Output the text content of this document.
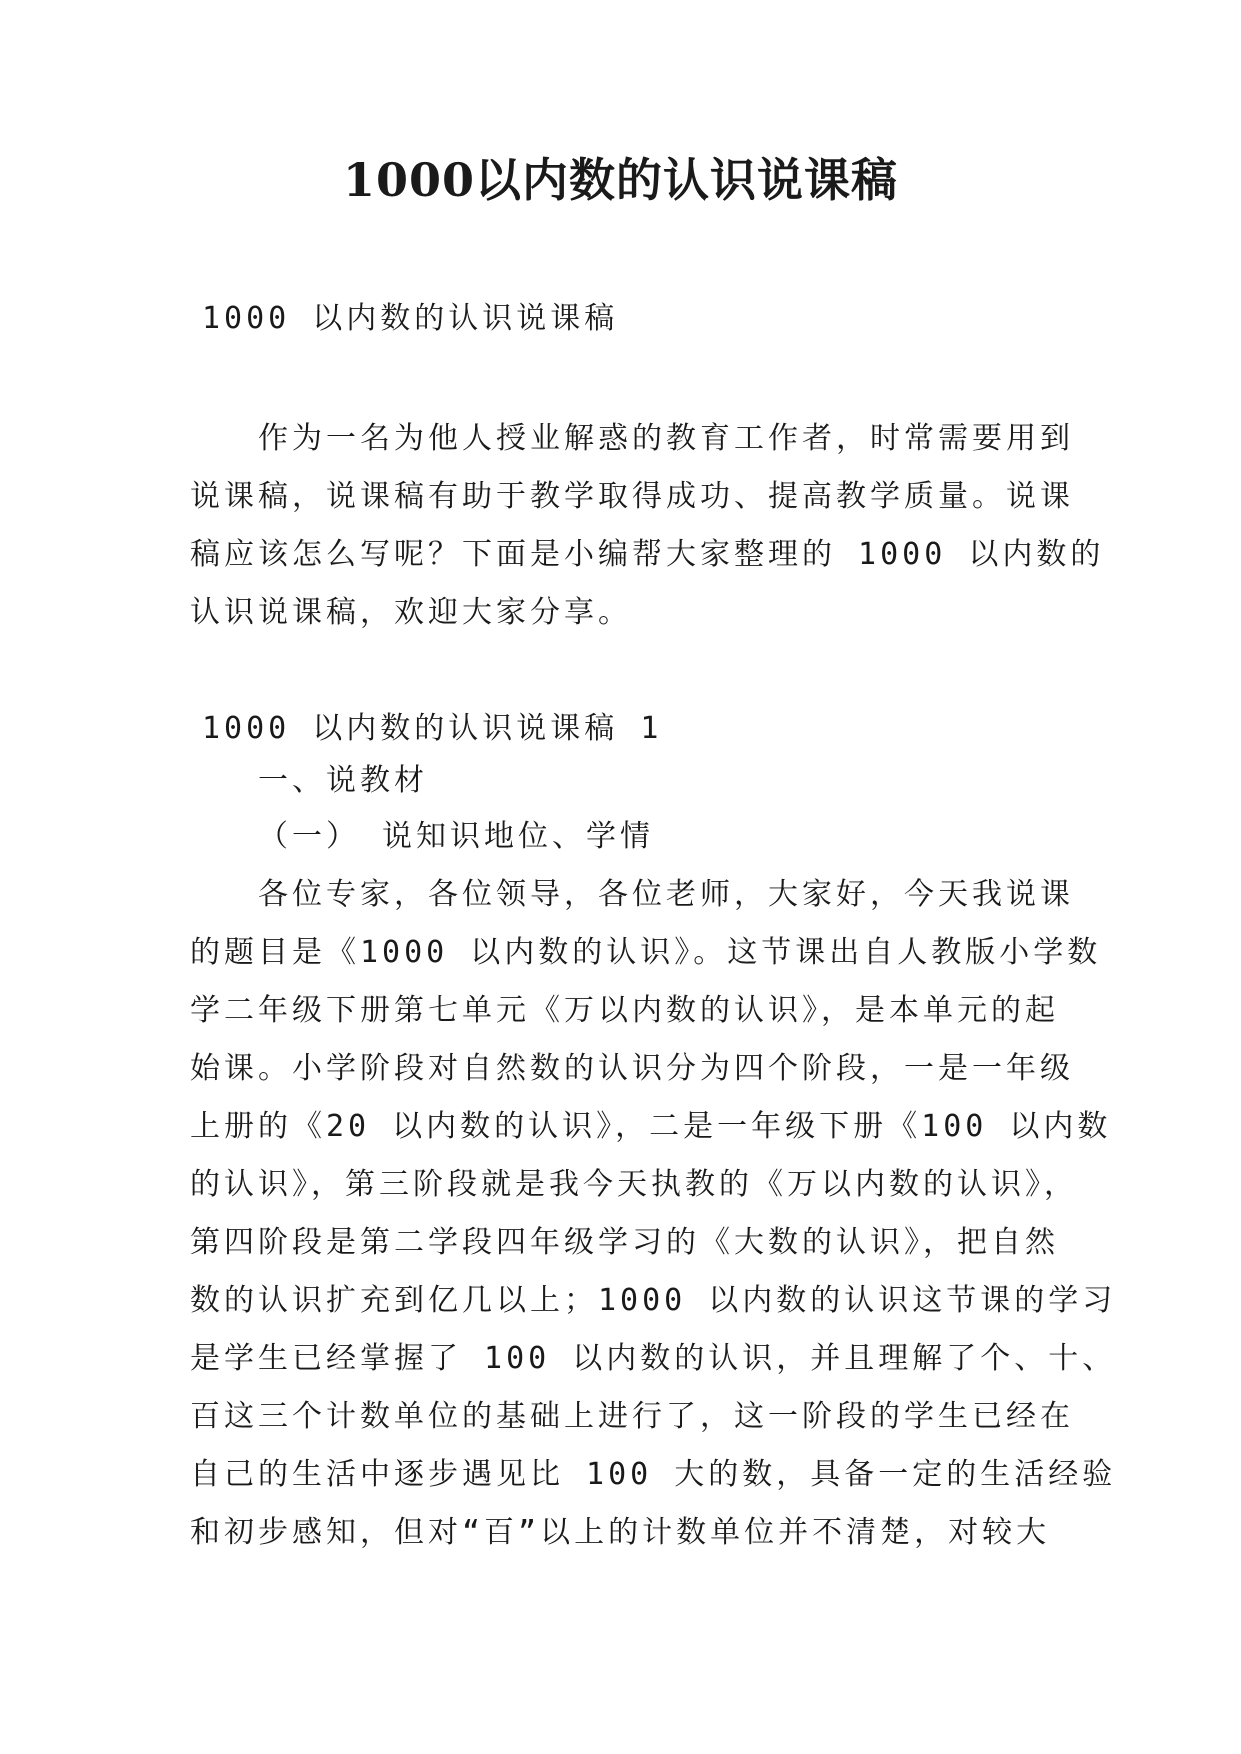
1000以内数的认识说课稿
1000 以内数的认识说课稿
作为一名为他人授业解惑的教育工作者，时常需要用到
说课稿，说课稿有助于教学取得成功、提高教学质量。说课
稿应该怎么写呢？下面是小编帮大家整理的 1000 以内数的
认识说课稿，欢迎大家分享。
1000 以内数的认识说课稿 1
一、说教材
（一） 说知识地位、学情
各位专家，各位领导，各位老师，大家好，今天我说课
的题目是《1000 以内数的认识》。这节课出自人教版小学数
学二年级下册第七单元《万以内数的认识》，是本单元的起
始课。小学阶段对自然数的认识分为四个阶段，一是一年级
上册的《20 以内数的认识》，二是一年级下册《100 以内数
的认识》，第三阶段就是我今天执教的《万以内数的认识》，
第四阶段是第二学段四年级学习的《大数的认识》，把自然
数的认识扩充到亿几以上；1000 以内数的认识这节课的学习
是学生已经掌握了 100 以内数的认识，并且理解了个、十、
百这三个计数单位的基础上进行了，这一阶段的学生已经在
自己的生活中逐步遇见比 100 大的数，具备一定的生活经验
和初步感知，但对“百”以上的计数单位并不清楚，对较大
